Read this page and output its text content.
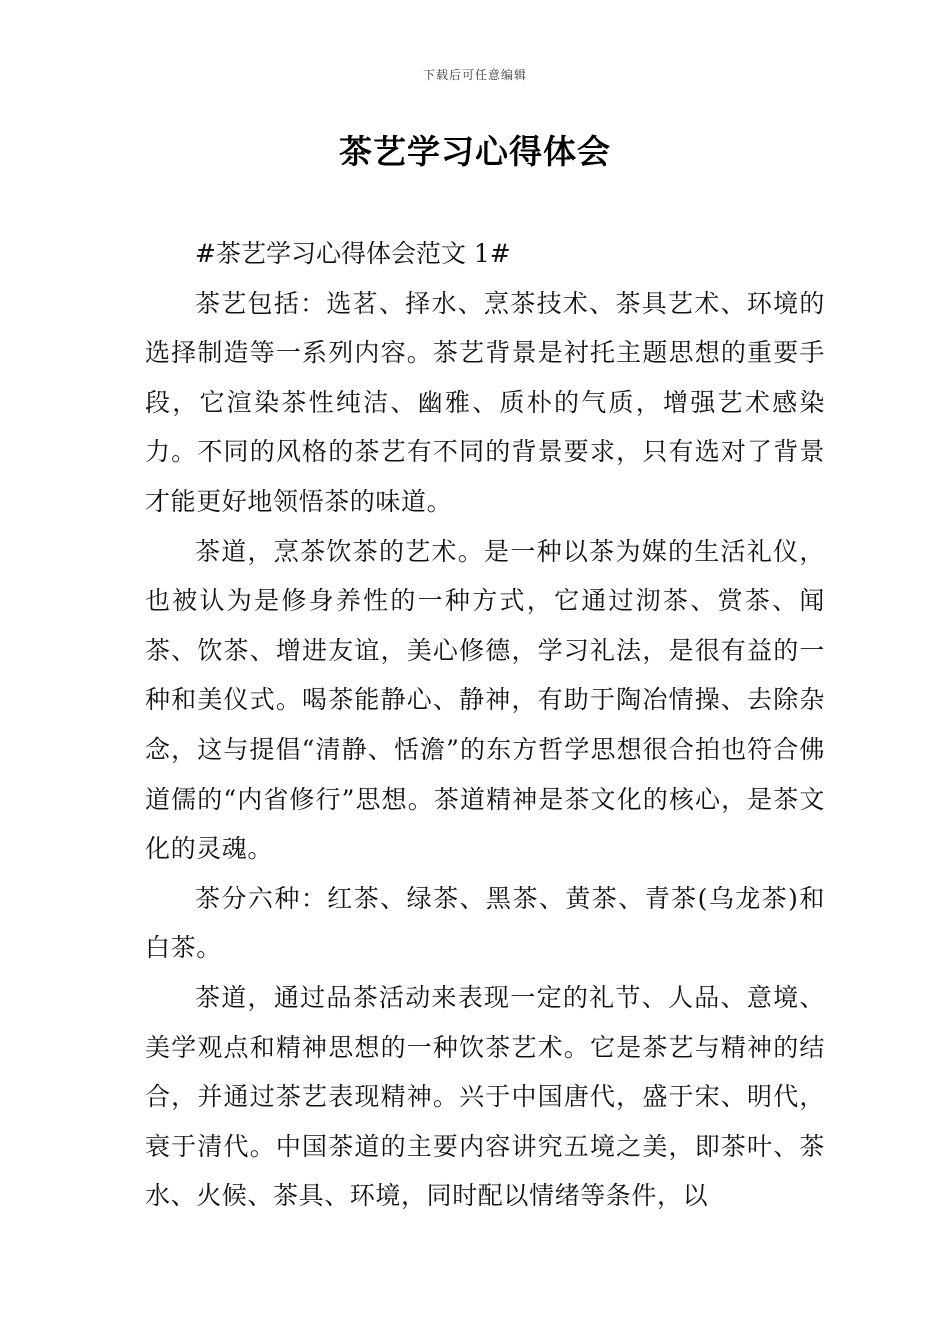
下载后可任意编辑
茶艺学习心得体会

#茶艺学习心得体会范文 1#

茶艺包括：选茗、择水、烹茶技术、茶具艺术、环境的选择制造等一系列内容。茶艺背景是衬托主题思想的重要手段，它渲染茶性纯洁、幽雅、质朴的气质，增强艺术感染力。不同的风格的茶艺有不同的背景要求，只有选对了背景才能更好地领悟茶的味道。

茶道，烹茶饮茶的艺术。是一种以茶为媒的生活礼仪，也被认为是修身养性的一种方式，它通过沏茶、赏茶、闻茶、饮茶、增进友谊，美心修德，学习礼法，是很有益的一种和美仪式。喝茶能静心、静神，有助于陶冶情操、去除杂念，这与提倡“清静、恬澹”的东方哲学思想很合拍也符合佛道儒的“内省修行”思想。茶道精神是茶文化的核心，是茶文化的灵魂。

茶分六种：红茶、绿茶、黑茶、黄茶、青茶(乌龙茶)和白茶。

茶道，通过品茶活动来表现一定的礼节、人品、意境、美学观点和精神思想的一种饮茶艺术。它是茶艺与精神的结合，并通过茶艺表现精神。兴于中国唐代，盛于宋、明代，衰于清代。中国茶道的主要内容讲究五境之美，即茶叶、茶水、火候、茶具、环境，同时配以情绪等条件，以
